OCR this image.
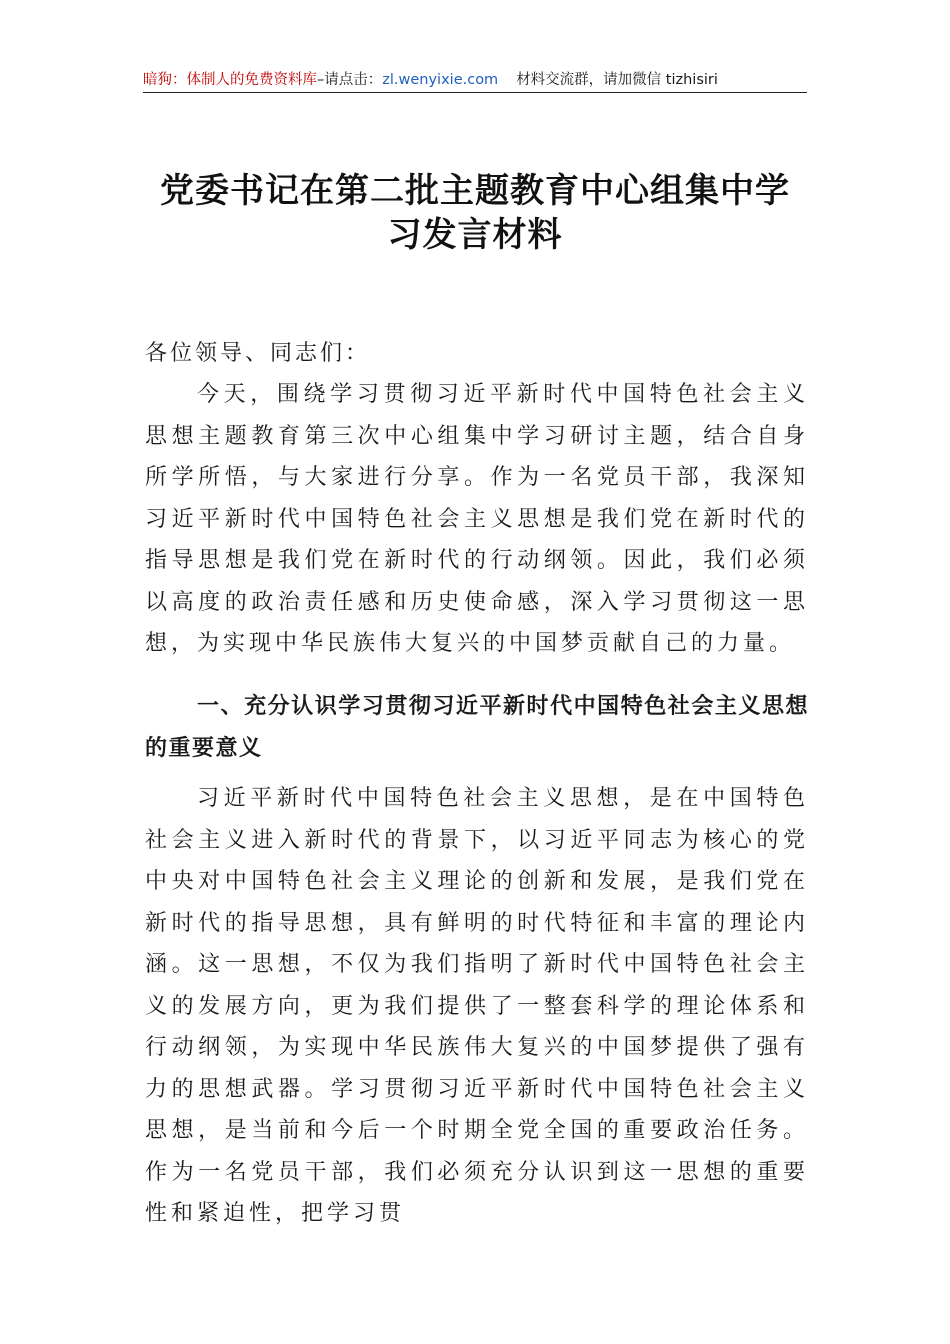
暗狗：体制人的免费资料库 –请点击： zl.wenyixie.com 材料交流群，请加微信 tizhisiri
党委书记在第二批主题教育中心组集中学
习发言材料
各位领导、同志们：
今天，围绕学习贯彻习近平新时代中国特色社会主义思想主题教育第三次中心组集中学习研讨主题，结合自身所学所悟，与大家进行分享。作为一名党员干部，我深知习近平新时代中国特色社会主义思想是我们党在新时代的指导思想是我们党在新时代的行动纲领。因此，我们必须以高度的政治责任感和历史使命感，深入学习贯彻这一思想，为实现中华民族伟大复兴的中国梦贡献自己的力量。
一、充分认识学习贯彻习近平新时代中国特色社会主义思想的重要意义
习近平新时代中国特色社会主义思想，是在中国特色社会主义进入新时代的背景下，以习近平同志为核心的党中央对中国特色社会主义理论的创新和发展，是我们党在新时代的指导思想，具有鲜明的时代特征和丰富的理论内涵。这一思想，不仅为我们指明了新时代中国特色社会主义的发展方向，更为我们提供了一整套科学的理论体系和行动纲领，为实现中华民族伟大复兴的中国梦提供了强有力的思想武器。学习贯彻习近平新时代中国特色社会主义思想，是当前和今后一个时期全党全国的重要政治任务。作为一名党员干部，我们必须充分认识到这一思想的重要性和紧迫性，把学习贯
